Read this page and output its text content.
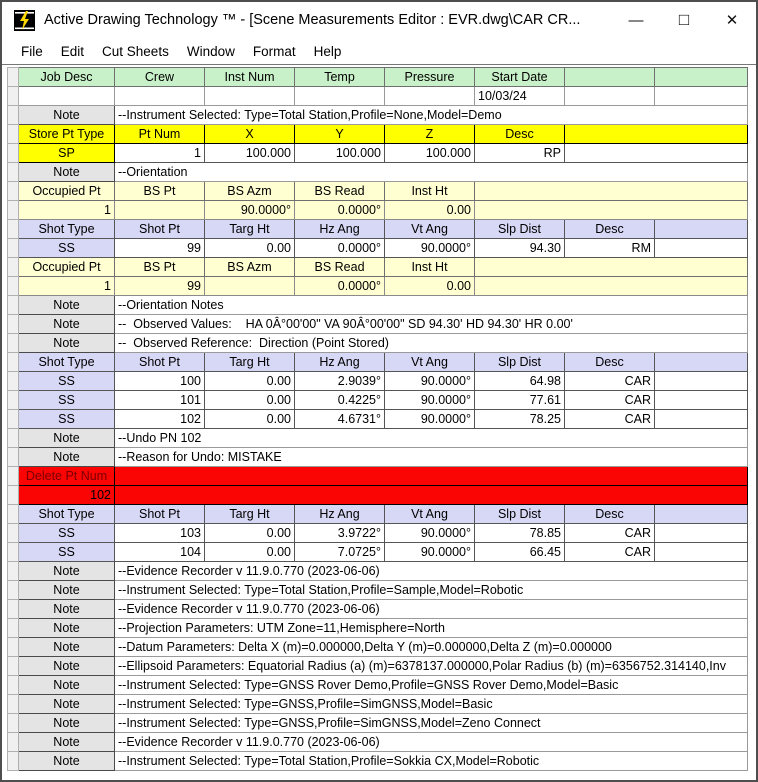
Active Drawing Technology ™ - [Scene Measurements Editor : EVR.dwg\CAR CR...	—	□	✕
File	Edit	Cut Sheets	Window	Format	Help
	Job Desc	Crew	Inst Num	Temp	Pressure	Start Date		
						10/03/24		
	Note	--Instrument Selected: Type=Total Station,Profile=None,Model=Demo						
	Store Pt Type	Pt Num	X	Y	Z	Desc		
	SP	1	100.000	100.000	100.000	RP		
	Note	--Orientation						
	Occupied Pt	BS Pt	BS Azm	BS Read	Inst Ht			
	1		90.0000°	0.0000°	0.00			
	Shot Type	Shot Pt	Targ Ht	Hz Ang	Vt Ang	Slp Dist	Desc	
	SS	99	0.00	0.0000°	90.0000°	94.30	RM	
	Occupied Pt	BS Pt	BS Azm	BS Read	Inst Ht			
	1	99		0.0000°	0.00			
	Note	--Orientation Notes						
	Note	--  Observed Values:    HA 0Â°00'00" VA 90Â°00'00" SD 94.30' HD 94.30' HR 0.00'						
	Note	--  Observed Reference:  Direction (Point Stored)						
	Shot Type	Shot Pt	Targ Ht	Hz Ang	Vt Ang	Slp Dist	Desc	
	SS	100	0.00	2.9039°	90.0000°	64.98	CAR	
	SS	101	0.00	0.4225°	90.0000°	77.61	CAR	
	SS	102	0.00	4.6731°	90.0000°	78.25	CAR	
	Note	--Undo PN 102						
	Note	--Reason for Undo: MISTAKE						
	Delete Pt Num							
	102							
	Shot Type	Shot Pt	Targ Ht	Hz Ang	Vt Ang	Slp Dist	Desc	
	SS	103	0.00	3.9722°	90.0000°	78.85	CAR	
	SS	104	0.00	7.0725°	90.0000°	66.45	CAR	
	Note	--Evidence Recorder v 11.9.0.770 (2023-06-06)						
	Note	--Instrument Selected: Type=Total Station,Profile=Sample,Model=Robotic						
	Note	--Evidence Recorder v 11.9.0.770 (2023-06-06)						
	Note	--Projection Parameters: UTM Zone=11,Hemisphere=North						
	Note	--Datum Parameters: Delta X (m)=0.000000,Delta Y (m)=0.000000,Delta Z (m)=0.000000						
	Note	--Ellipsoid Parameters: Equatorial Radius (a) (m)=6378137.000000,Polar Radius (b) (m)=6356752.314140,Inv						
	Note	--Instrument Selected: Type=GNSS Rover Demo,Profile=GNSS Rover Demo,Model=Basic						
	Note	--Instrument Selected: Type=GNSS,Profile=SimGNSS,Model=Basic						
	Note	--Instrument Selected: Type=GNSS,Profile=SimGNSS,Model=Zeno Connect						
	Note	--Evidence Recorder v 11.9.0.770 (2023-06-06)						
	Note	--Instrument Selected: Type=Total Station,Profile=Sokkia CX,Model=Robotic						
